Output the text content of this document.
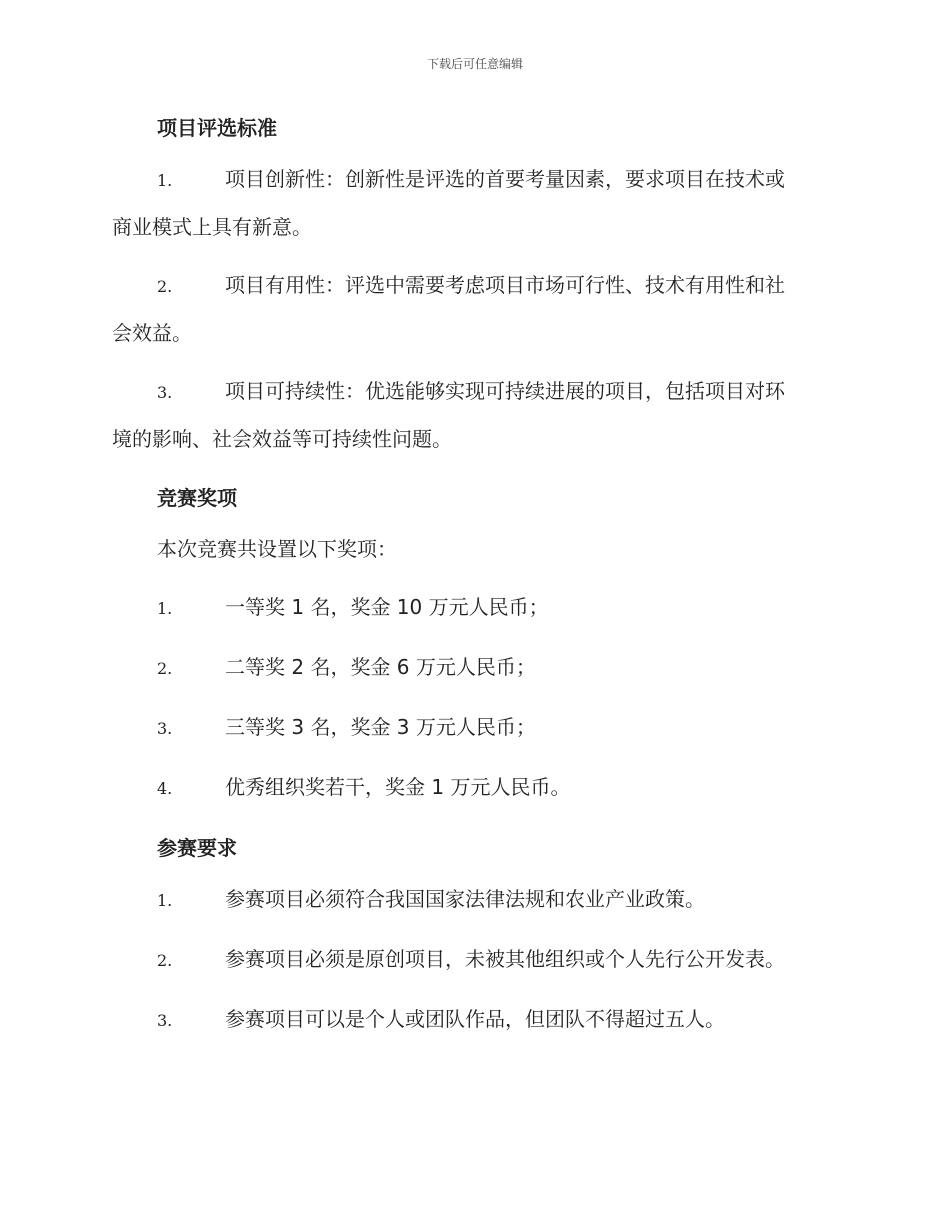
下载后可任意编辑
项目评选标准

1.	项目创新性：创新性是评选的首要考量因素，要求项目在技术或

商业模式上具有新意。

2.	项目有用性：评选中需要考虑项目市场可行性、技术有用性和社

会效益。

3.	项目可持续性：优选能够实现可持续进展的项目，包括项目对环

境的影响、社会效益等可持续性问题。

竞赛奖项

本次竞赛共设置以下奖项：

1.	一等奖 1 名，奖金 10 万元人民币；

2.	二等奖 2 名，奖金 6 万元人民币；

3.	三等奖 3 名，奖金 3 万元人民币；

4.	优秀组织奖若干，奖金 1 万元人民币。

参赛要求

1.	参赛项目必须符合我国国家法律法规和农业产业政策。

2.	参赛项目必须是原创项目，未被其他组织或个人先行公开发表。

3.	参赛项目可以是个人或团队作品，但团队不得超过五人。
